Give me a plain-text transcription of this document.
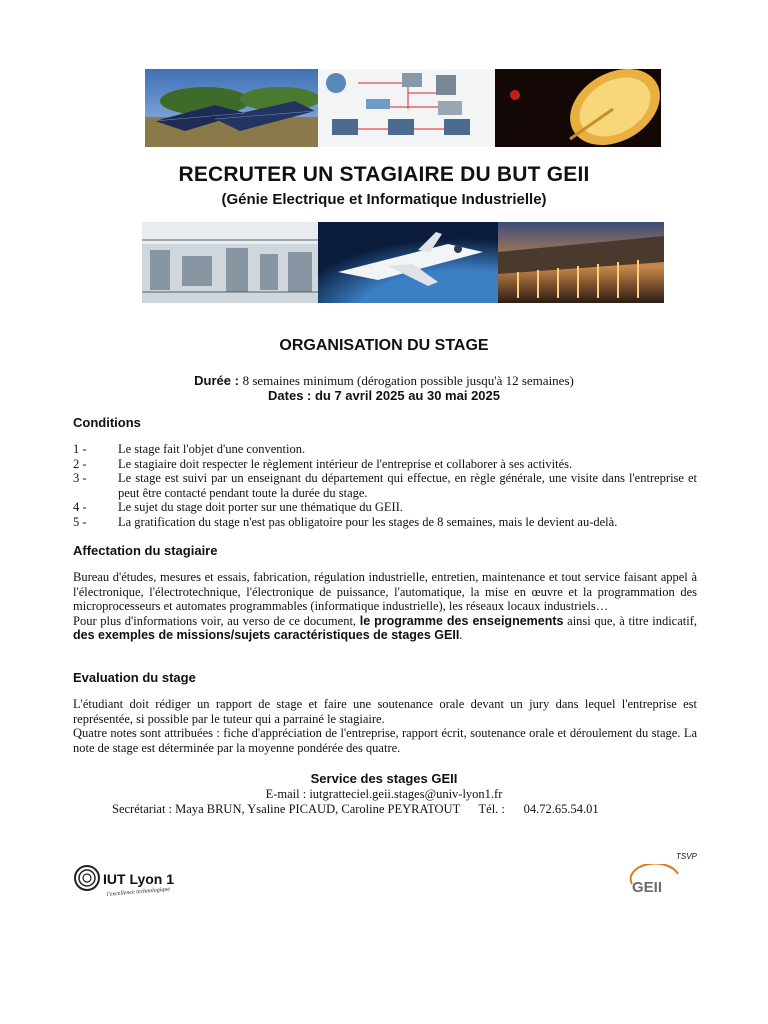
RECRUTER UN STAGIAIRE DU BUT GEII
(Génie Electrique et Informatique Industrielle)
ORGANISATION DU STAGE
Durée : 8 semaines minimum (dérogation possible jusqu'à 12 semaines)
Dates : du 7 avril 2025 au 30 mai 2025
Conditions
1 -	Le stage fait l'objet d'une convention.
2 -	Le stagiaire doit respecter le règlement intérieur de l'entreprise et collaborer à ses activités.
3 -	Le stage est suivi par un enseignant du département qui effectue, en règle générale, une visite dans l'entreprise et peut être contacté pendant toute la durée du stage.
4 -	Le sujet du stage doit porter sur une thématique du GEII.
5 -	La gratification du stage n'est pas obligatoire pour les stages de 8 semaines, mais le devient au-delà.
Affectation du stagiaire
Bureau d'études, mesures et essais, fabrication, régulation industrielle, entretien, maintenance et tout service faisant appel à l'électronique, l'électrotechnique, l'électronique de puissance, l'automatique, la mise en œuvre et la programmation des microprocesseurs et automates programmables (informatique industrielle), les réseaux locaux industriels…
Pour plus d'informations voir, au verso de ce document, le programme des enseignements ainsi que, à titre indicatif, des exemples de missions/sujets caractéristiques de stages GEII.
Evaluation du stage
L'étudiant doit rédiger un rapport de stage et faire une soutenance orale devant un jury dans lequel l'entreprise est représentée, si possible par le tuteur qui a parrainé le stagiaire.
Quatre notes sont attribuées : fiche d'appréciation de l'entreprise, rapport écrit, soutenance orale et déroulement du stage. La note de stage est déterminée par la moyenne pondérée des quatre.
Service des stages GEII
E-mail : iutgratteciel.geii.stages@univ-lyon1.fr
Secrétariat : Maya BRUN, Ysaline PICAUD, Caroline PEYRATOUT      Tél. :      04.72.65.54.01
TSVP
IUT Lyon 1
l'excellence technologique	GEII
